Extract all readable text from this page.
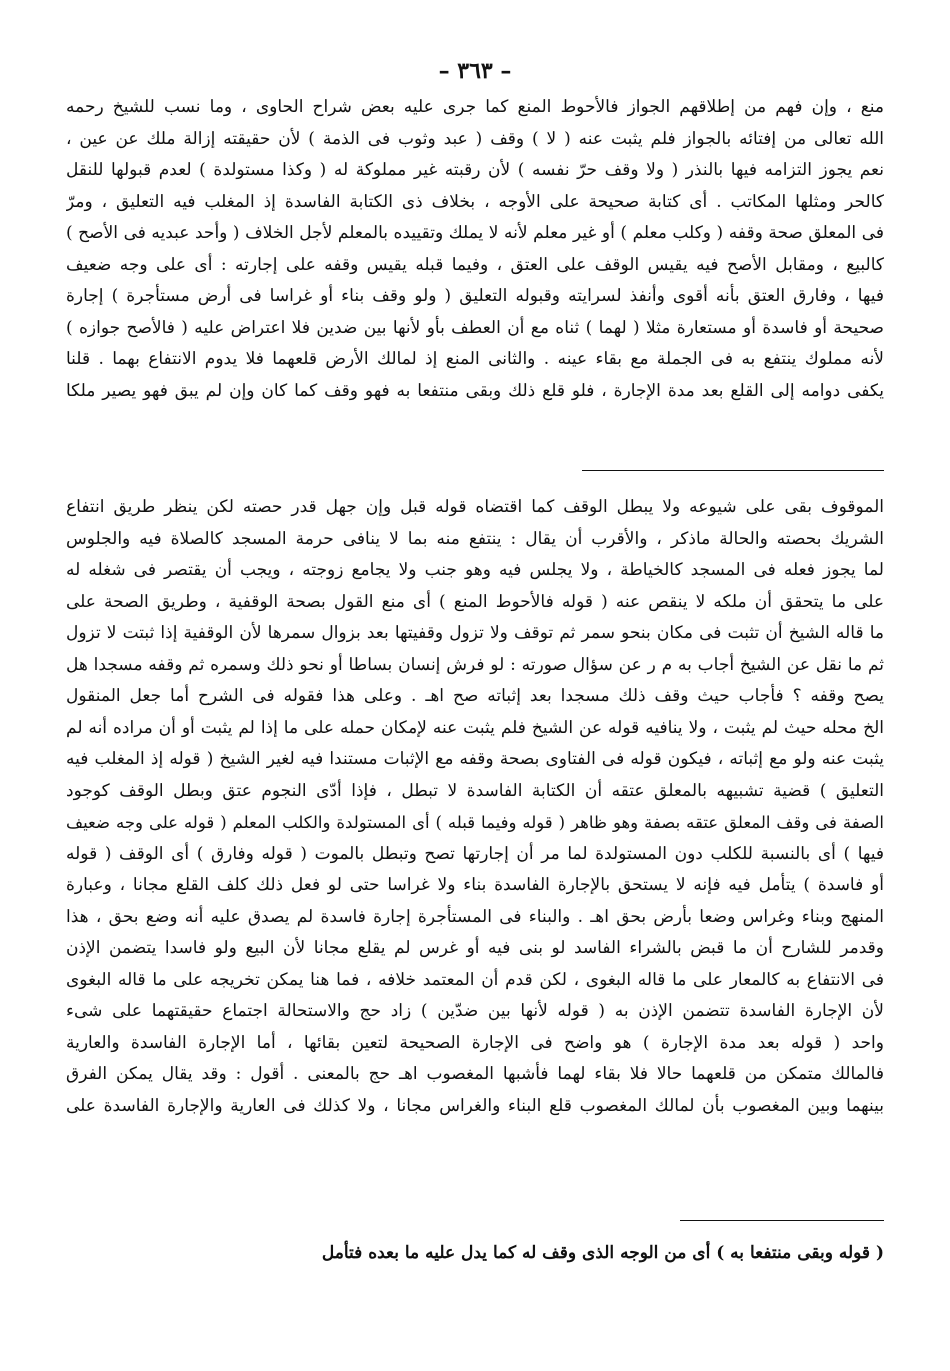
– ٣٦٣ –
منع ، وإن فهم من إطلاقهم الجواز فالأحوط المنع كما جرى عليه بعض شراح الحاوى ، وما نسب للشيخ رحمه
الله تعالى من إفتائه بالجواز فلم يثبت عنه ( لا ) وقف ( عبد وثوب فى الذمة ) لأن حقيقته إزالة ملك عن عين ،
نعم يجوز التزامه فيها بالنذر ( ولا وقف حرّ نفسه ) لأن رقبته غير مملوكة له ( وكذا مستولدة ) لعدم قبولها للنقل
كالحر ومثلها المكاتب . أى كتابة صحيحة على الأوجه ، بخلاف ذى الكتابة الفاسدة إذ المغلب فيه التعليق ، ومرّ
فى المعلق صحة وقفه ( وكلب معلم ) أو غير معلم لأنه لا يملك وتقييده بالمعلم لأجل الخلاف ( وأحد عبديه فى الأصح )
كالبيع ، ومقابل الأصح فيه يقيس الوقف على العتق ، وفيما قبله يقيس وقفه على إجارته : أى على وجه ضعيف
فيها ، وفارق العتق بأنه أقوى وأنفذ لسرايته وقبوله التعليق ( ولو وقف بناء أو غراسا فى أرض مستأجرة ) إجارة
صحيحة أو فاسدة أو مستعارة مثلا ( لهما ) ثناه مع أن العطف بأو لأنها بين ضدين فلا اعتراض عليه ( فالأصح جوازه )
لأنه مملوك ينتفع به فى الجملة مع بقاء عينه . والثانى المنع إذ لمالك الأرض قلعهما فلا يدوم الانتفاع بهما . قلنا
يكفى دوامه إلى القلع بعد مدة الإجارة ، فلو قلع ذلك وبقى منتفعا به فهو وقف كما كان وإن لم يبق فهو يصير ملكا
الموقوف بقى على شيوعه ولا يبطل الوقف كما اقتضاه قوله قبل وإن جهل قدر حصته لكن ينظر طريق انتفاع
الشريك بحصته والحالة ماذكر ، والأقرب أن يقال : ينتفع منه بما لا ينافى حرمة المسجد كالصلاة فيه والجلوس
لما يجوز فعله فى المسجد كالخياطة ، ولا يجلس فيه وهو جنب ولا يجامع زوجته ، ويجب أن يقتصر فى شغله له
على ما يتحقق أن ملكه لا ينقص عنه ( قوله فالأحوط المنع ) أى منع القول بصحة الوقفية ، وطريق الصحة على
ما قاله الشيخ أن تثبت فى مكان بنحو سمر ثم توقف ولا تزول وقفيتها بعد بزوال سمرها لأن الوقفية إذا ثبتت لا تزول
ثم ما نقل عن الشيخ أجاب به م ر عن سؤال صورته : لو فرش إنسان بساطا أو نحو ذلك وسمره ثم وقفه مسجدا هل
يصح وقفه ؟ فأجاب حيث وقف ذلك مسجدا بعد إثباته صح اهـ . وعلى هذا فقوله فى الشرح أما جعل المنقول
الخ محله حيث لم يثبت ، ولا ينافيه قوله عن الشيخ فلم يثبت عنه لإمكان حمله على ما إذا لم يثبت أو أن مراده أنه لم
يثبت عنه ولو مع إثباته ، فيكون قوله فى الفتاوى بصحة وقفه مع الإثبات مستندا فيه لغير الشيخ ( قوله إذ المغلب فيه
التعليق ) قضية تشبيهه بالمعلق عتقه أن الكتابة الفاسدة لا تبطل ، فإذا أدّى النجوم عتق وبطل الوقف كوجود
الصفة فى وقف المعلق عتقه بصفة وهو ظاهر ( قوله وفيما قبله ) أى المستولدة والكلب المعلم ( قوله على وجه ضعيف
فيها ) أى بالنسبة للكلب دون المستولدة لما مر أن إجارتها تصح وتبطل بالموت ( قوله وفارق ) أى الوقف ( قوله
أو فاسدة ) يتأمل فيه فإنه لا يستحق بالإجارة الفاسدة بناء ولا غراسا حتى لو فعل ذلك كلف القلع مجانا ، وعبارة
المنهج وبناء وغراس وضعا بأرض بحق اهـ . والبناء فى المستأجرة إجارة فاسدة لم يصدق عليه أنه وضع بحق ، هذا
وقدمر للشارح أن ما قبض بالشراء الفاسد لو بنى فيه أو غرس لم يقلع مجانا لأن البيع ولو فاسدا يتضمن الإذن
فى الانتفاع به كالمعار على ما قاله البغوى ، لكن قدم أن المعتمد خلافه ، فما هنا يمكن تخريجه على ما قاله البغوى
لأن الإجارة الفاسدة تتضمن الإذن به ( قوله لأنها بين ضدّين ) زاد حج والاستحالة اجتماع حقيقتهما على شىء
واحد ( قوله بعد مدة الإجارة ) هو واضح فى الإجارة الصحيحة لتعين بقائها ، أما الإجارة الفاسدة والعارية
فالمالك متمكن من قلعهما حالا فلا بقاء لهما فأشبها المغصوب اهـ حج بالمعنى . أقول : وقد يقال يمكن الفرق
بينهما وبين المغصوب بأن لمالك المغصوب قلع البناء والغراس مجانا ، ولا كذلك فى العارية والإجارة الفاسدة على
( قوله وبقى منتفعا به ) أى من الوجه الذى وقف له كما يدل عليه ما بعده فتأمل
